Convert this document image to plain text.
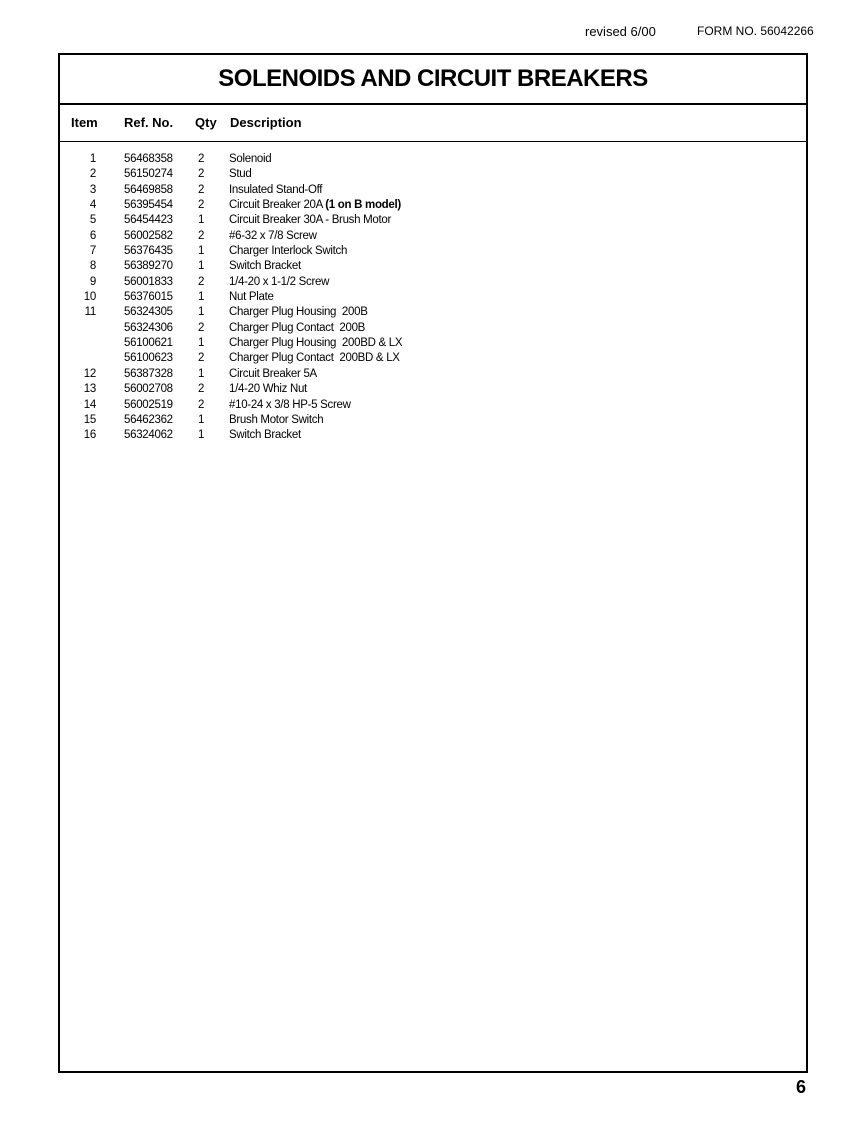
revised 6/00	FORM NO. 56042266
SOLENOIDS AND CIRCUIT BREAKERS
Item Ref. No. Qty Description
1 56468358 2 Solenoid
2 56150274 2 Stud
3 56469858 2 Insulated Stand-Off
4 56395454 2 Circuit Breaker 20A (1 on B model)
5 56454423 1 Circuit Breaker 30A - Brush Motor
6 56002582 2 #6-32 x 7/8 Screw
7 56376435 1 Charger Interlock Switch
8 56389270 1 Switch Bracket
9 56001833 2 1/4-20 x 1-1/2 Screw
10 56376015 1 Nut Plate
11 56324305 1 Charger Plug Housing  200B
56324306 2 Charger Plug Contact  200B
56100621 1 Charger Plug Housing  200BD & LX
56100623 2 Charger Plug Contact  200BD & LX
12 56387328 1 Circuit Breaker 5A
13 56002708 2 1/4-20 Whiz Nut
14 56002519 2 #10-24 x 3/8 HP-5 Screw
15 56462362 1 Brush Motor Switch
16 56324062 1 Switch Bracket
6
